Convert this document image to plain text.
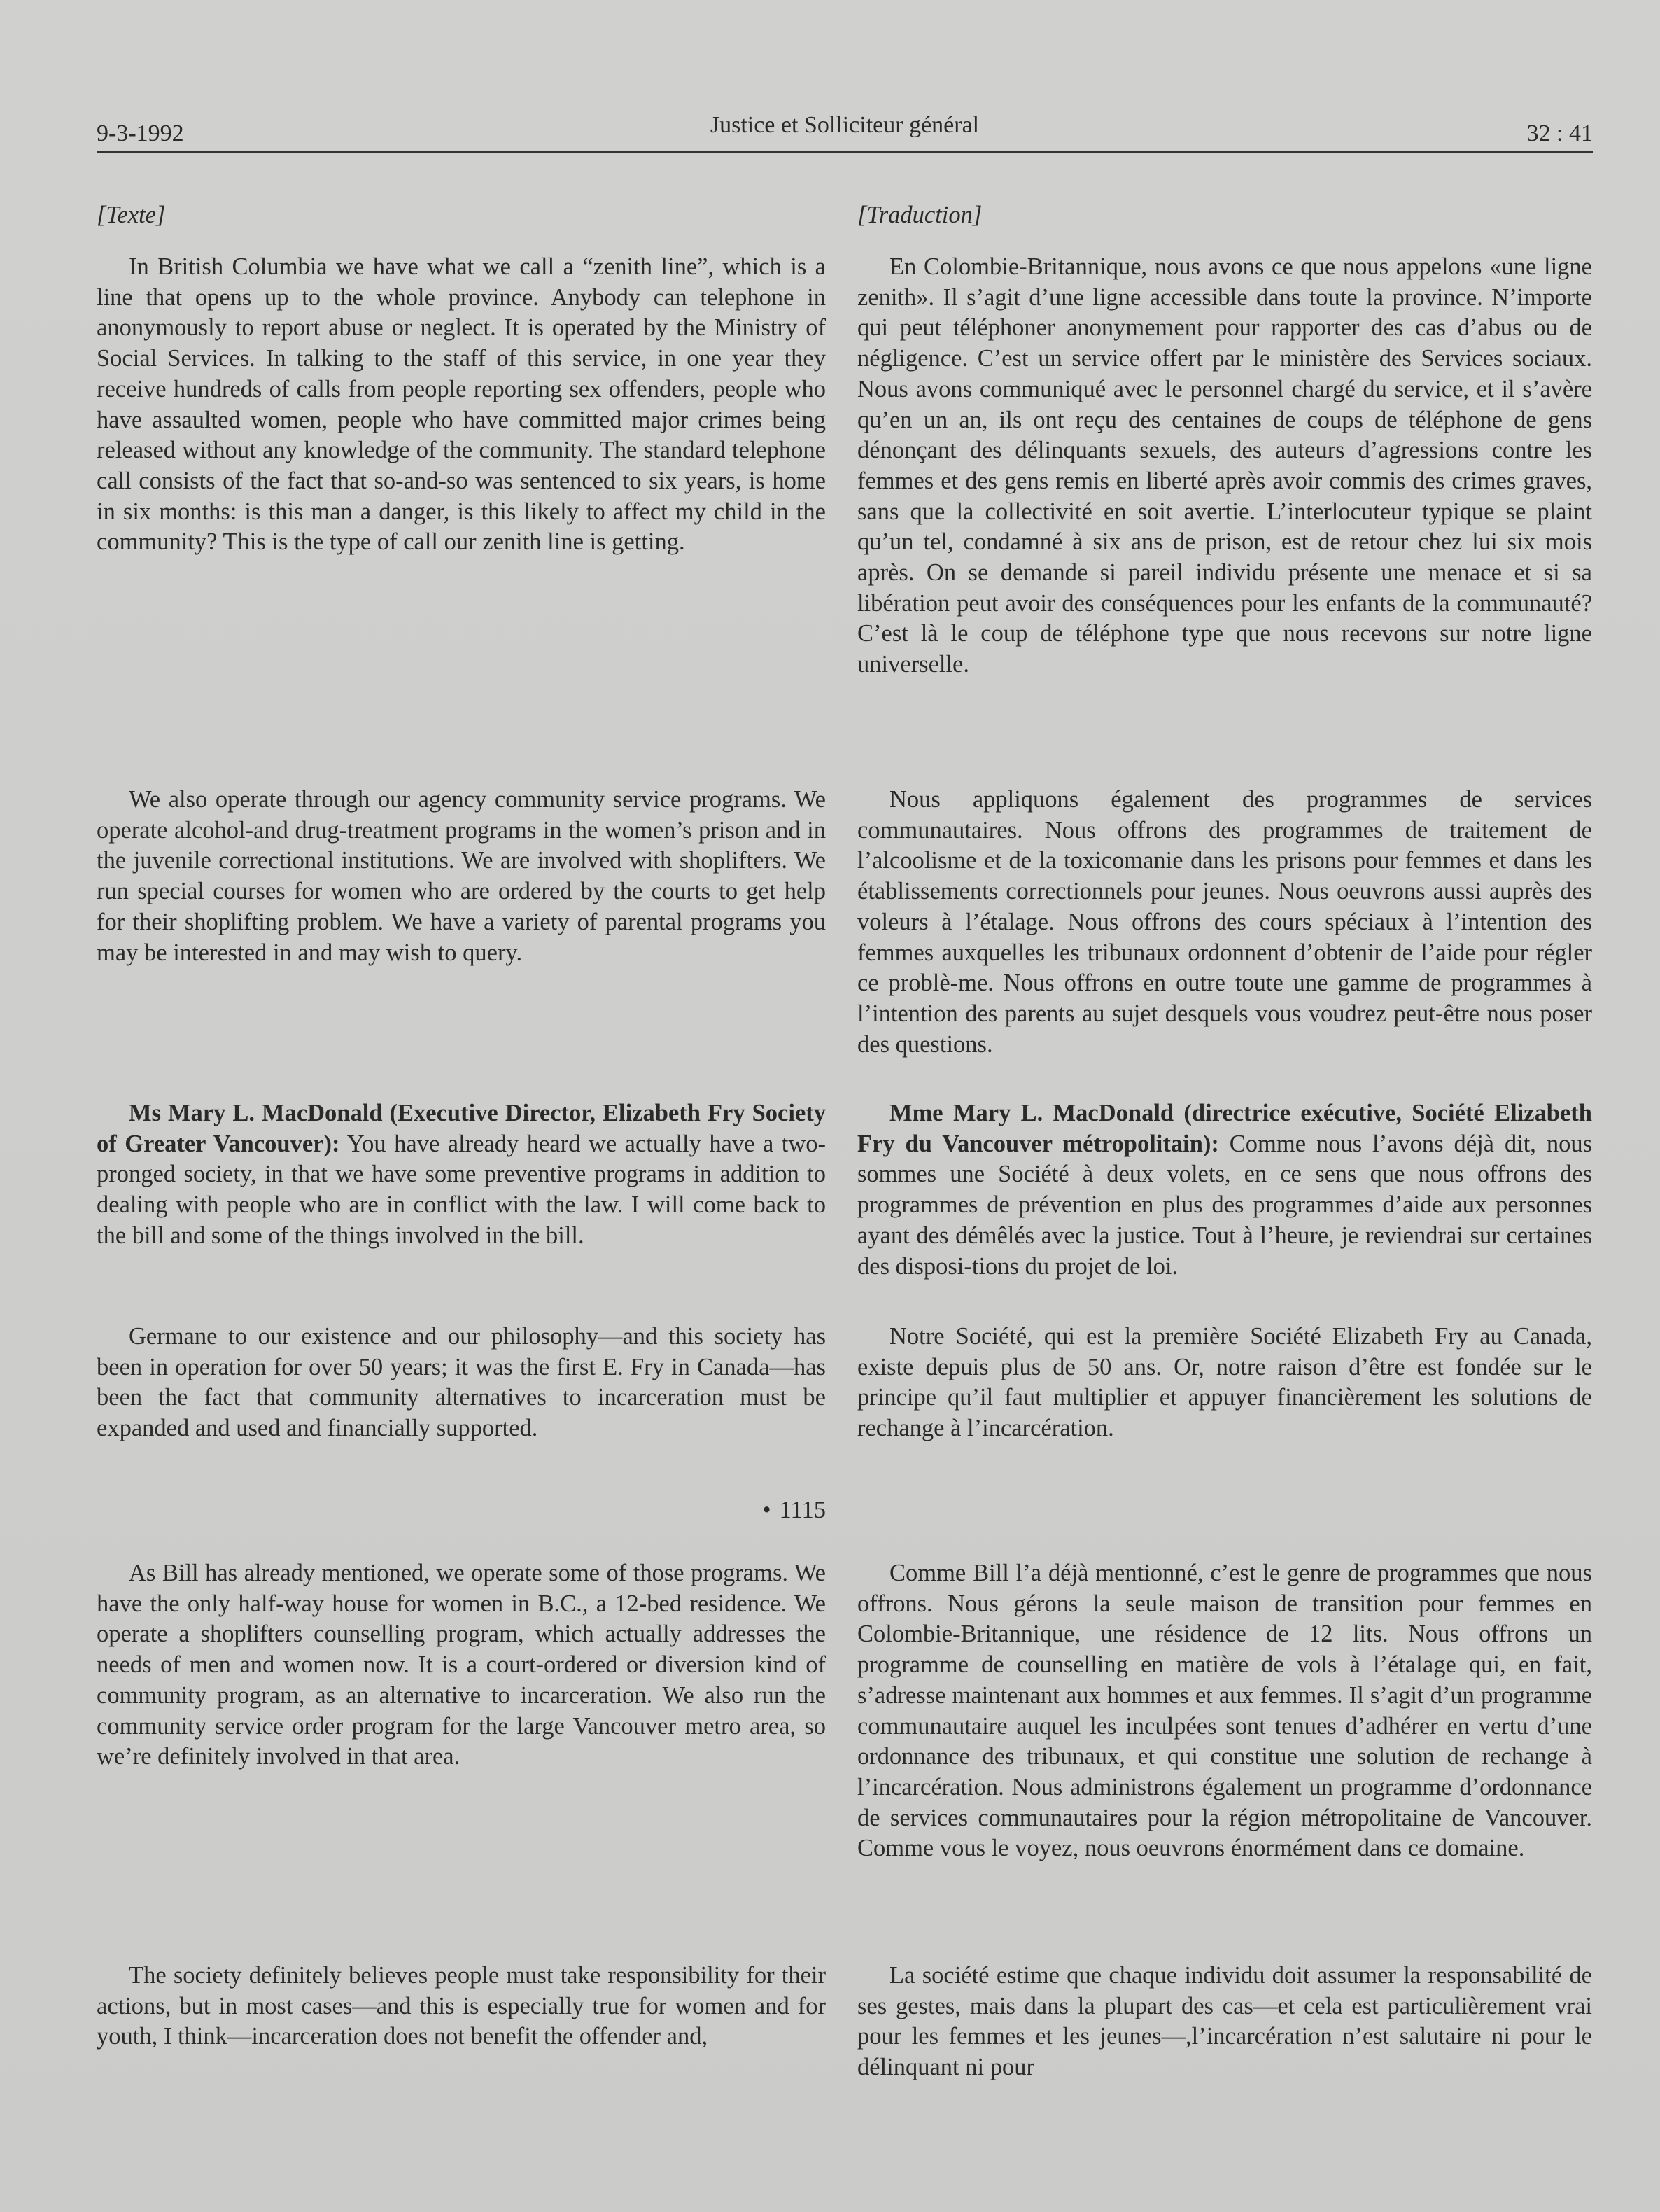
9-3-1992	Justice et Solliciteur général	32 : 41

[Texte]

In British Columbia we have what we call a “zenith line”, which is a line that opens up to the whole province. Anybody can telephone in anonymously to report abuse or neglect. It is operated by the Ministry of Social Services. In talking to the staff of this service, in one year they receive hundreds of calls from people reporting sex offenders, people who have assaulted women, people who have committed major crimes being released without any knowledge of the community. The standard telephone call consists of the fact that so-and-so was sentenced to six years, is home in six months: is this man a danger, is this likely to affect my child in the community? This is the type of call our zenith line is getting.

We also operate through our agency community service programs. We operate alcohol-and drug-treatment programs in the women’s prison and in the juvenile correctional institutions. We are involved with shoplifters. We run special courses for women who are ordered by the courts to get help for their shoplifting problem. We have a variety of parental programs you may be interested in and may wish to query.

Ms Mary L. MacDonald (Executive Director, Elizabeth Fry Society of Greater Vancouver): You have already heard we actually have a two-pronged society, in that we have some preventive programs in addition to dealing with people who are in conflict with the law. I will come back to the bill and some of the things involved in the bill.

Germane to our existence and our philosophy—and this society has been in operation for over 50 years; it was the first E. Fry in Canada—has been the fact that community alternatives to incarceration must be expanded and used and financially supported.

• 1115

As Bill has already mentioned, we operate some of those programs. We have the only half-way house for women in B.C., a 12-bed residence. We operate a shoplifters counselling program, which actually addresses the needs of men and women now. It is a court-ordered or diversion kind of community program, as an alternative to incarceration. We also run the community service order program for the large Vancouver metro area, so we’re definitely involved in that area.

The society definitely believes people must take responsibility for their actions, but in most cases—and this is especially true for women and for youth, I think—incarceration does not benefit the offender and,

[Traduction]

En Colombie-Britannique, nous avons ce que nous appelons «une ligne zenith». Il s’agit d’une ligne accessible dans toute la province. N’importe qui peut téléphoner anonymement pour rapporter des cas d’abus ou de négligence. C’est un service offert par le ministère des Services sociaux. Nous avons communiqué avec le personnel chargé du service, et il s’avère qu’en un an, ils ont reçu des centaines de coups de téléphone de gens dénonçant des délinquants sexuels, des auteurs d’agressions contre les femmes et des gens remis en liberté après avoir commis des crimes graves, sans que la collectivité en soit avertie. L’interlocuteur typique se plaint qu’un tel, condamné à six ans de prison, est de retour chez lui six mois après. On se demande si pareil individu présente une menace et si sa libération peut avoir des conséquences pour les enfants de la communauté? C’est là le coup de téléphone type que nous recevons sur notre ligne universelle.

Nous appliquons également des programmes de services communautaires. Nous offrons des programmes de traitement de l’alcoolisme et de la toxicomanie dans les prisons pour femmes et dans les établissements correctionnels pour jeunes. Nous oeuvrons aussi auprès des voleurs à l’étalage. Nous offrons des cours spéciaux à l’intention des femmes auxquelles les tribunaux ordonnent d’obtenir de l’aide pour régler ce problè-me. Nous offrons en outre toute une gamme de programmes à l’intention des parents au sujet desquels vous voudrez peut-être nous poser des questions.

Mme Mary L. MacDonald (directrice exécutive, Société Elizabeth Fry du Vancouver métropolitain): Comme nous l’avons déjà dit, nous sommes une Société à deux volets, en ce sens que nous offrons des programmes de prévention en plus des programmes d’aide aux personnes ayant des démêlés avec la justice. Tout à l’heure, je reviendrai sur certaines des disposi-tions du projet de loi.

Notre Société, qui est la première Société Elizabeth Fry au Canada, existe depuis plus de 50 ans. Or, notre raison d’être est fondée sur le principe qu’il faut multiplier et appuyer financièrement les solutions de rechange à l’incarcération.

Comme Bill l’a déjà mentionné, c’est le genre de programmes que nous offrons. Nous gérons la seule maison de transition pour femmes en Colombie-Britannique, une résidence de 12 lits. Nous offrons un programme de counselling en matière de vols à l’étalage qui, en fait, s’adresse maintenant aux hommes et aux femmes. Il s’agit d’un programme communautaire auquel les inculpées sont tenues d’adhérer en vertu d’une ordonnance des tribunaux, et qui constitue une solution de rechange à l’incarcération. Nous administrons également un programme d’ordonnance de services communautaires pour la région métropolitaine de Vancouver. Comme vous le voyez, nous oeuvrons énormément dans ce domaine.

La société estime que chaque individu doit assumer la responsabilité de ses gestes, mais dans la plupart des cas—et cela est particulièrement vrai pour les femmes et les jeunes—,l’incarcération n’est salutaire ni pour le délinquant ni pour
